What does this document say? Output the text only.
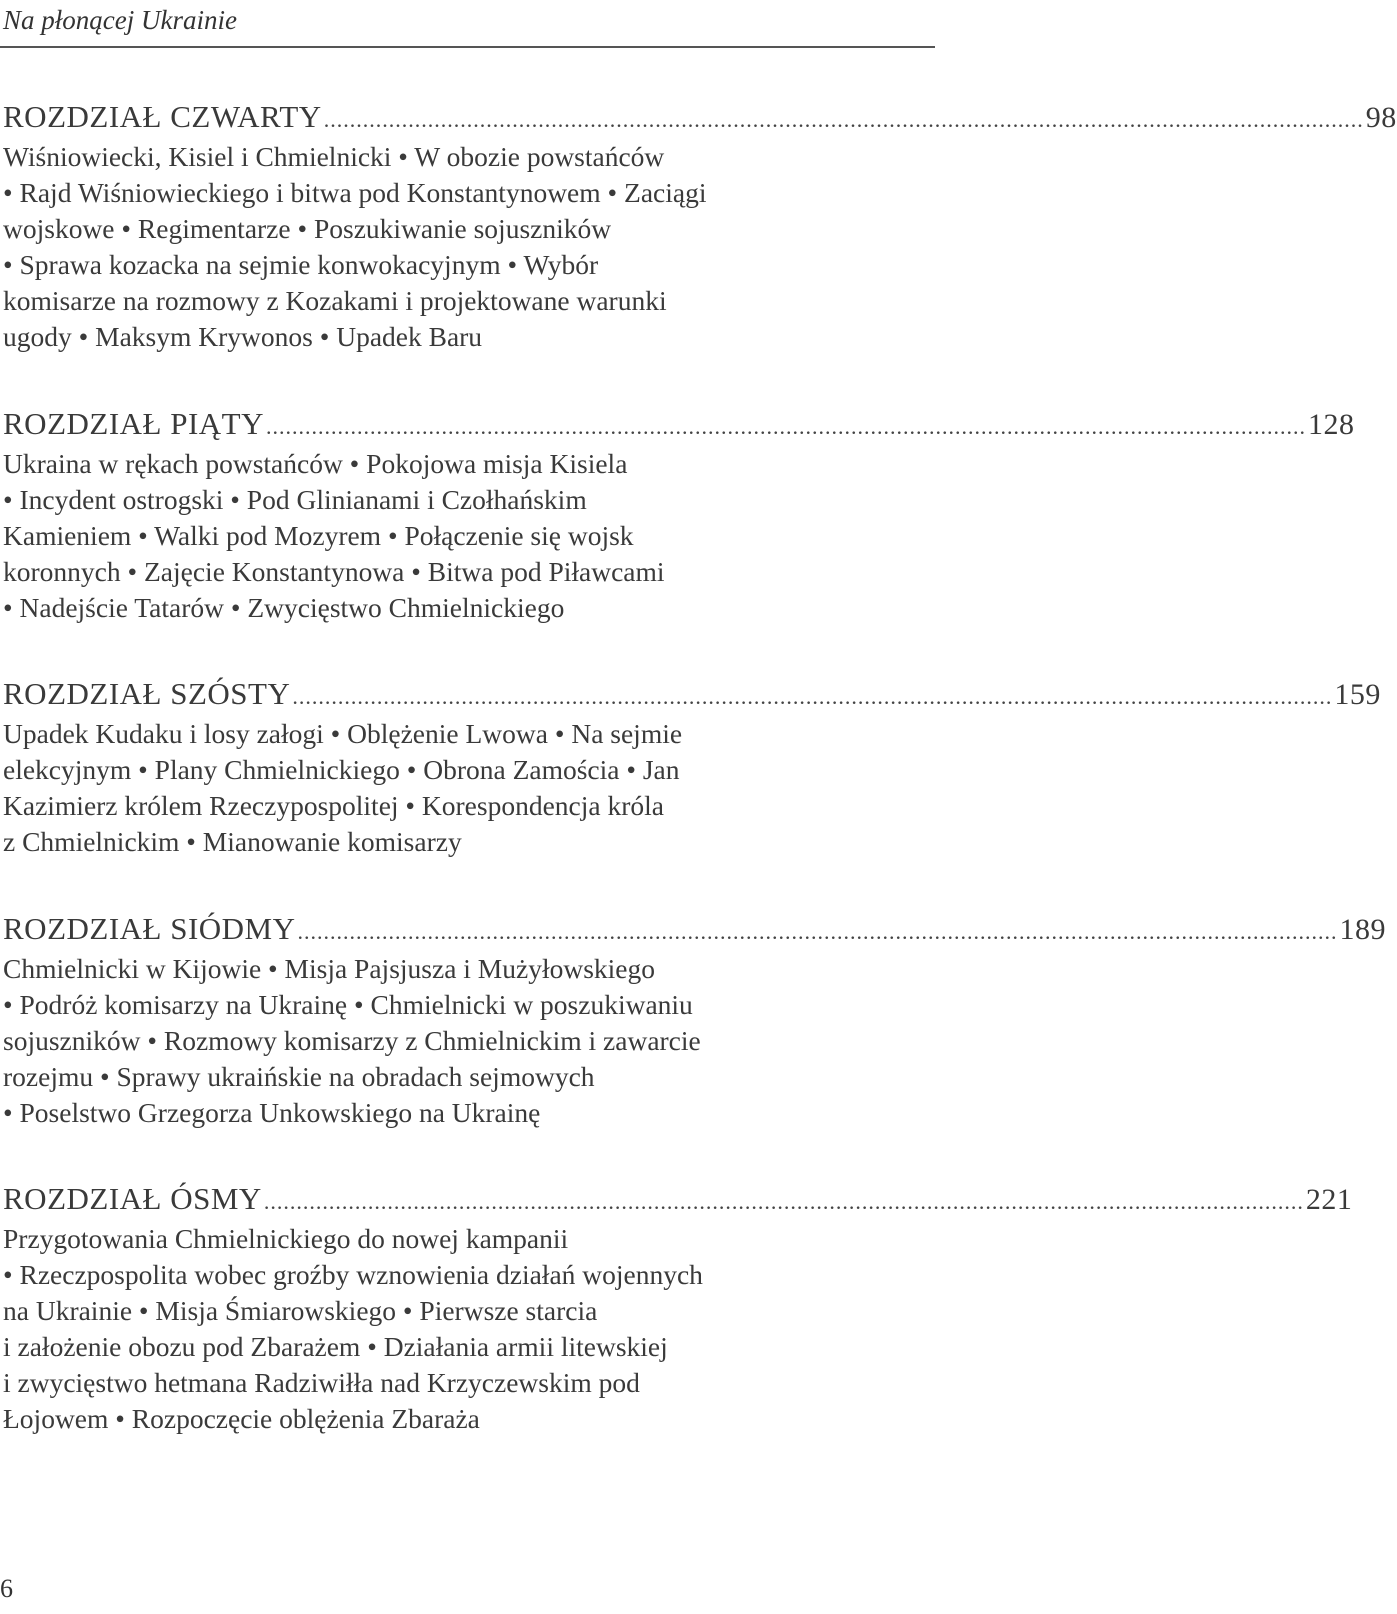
Na płonącej Ukrainie
ROZDZIAŁ CZWARTY ................................................................................................................................................................ 98
Wiśniowiecki, Kisiel i Chmielnicki • W obozie powstańców
• Rajd Wiśniowieckiego i bitwa pod Konstantynowem • Zaciągi
wojskowe • Regimentarze • Poszukiwanie sojuszników
• Sprawa kozacka na sejmie konwokacyjnym • Wybór
komisarze na rozmowy z Kozakami i projektowane warunki
ugody • Maksym Krywonos • Upadek Baru
ROZDZIAŁ PIĄTY ................................................................................................................................................................ 128
Ukraina w rękach powstańców • Pokojowa misja Kisiela
• Incydent ostrogski • Pod Glinianami i Czołhańskim
Kamieniem • Walki pod Mozyrem • Połączenie się wojsk
koronnych • Zajęcie Konstantynowa • Bitwa pod Piławcami
• Nadejście Tatarów • Zwycięstwo Chmielnickiego
ROZDZIAŁ SZÓSTY ................................................................................................................................................................ 159
Upadek Kudaku i losy załogi • Oblężenie Lwowa • Na sejmie
elekcyjnym • Plany Chmielnickiego • Obrona Zamościa • Jan
Kazimierz królem Rzeczypospolitej • Korespondencja króla
z Chmielnickim • Mianowanie komisarzy
ROZDZIAŁ SIÓDMY ................................................................................................................................................................ 189
Chmielnicki w Kijowie • Misja Pajsjusza i Mużyłowskiego
• Podróż komisarzy na Ukrainę • Chmielnicki w poszukiwaniu
sojuszników • Rozmowy komisarzy z Chmielnickim i zawarcie
rozejmu • Sprawy ukraińskie na obradach sejmowych
• Poselstwo Grzegorza Unkowskiego na Ukrainę
ROZDZIAŁ ÓSMY ................................................................................................................................................................ 221
Przygotowania Chmielnickiego do nowej kampanii
• Rzeczpospolita wobec groźby wznowienia działań wojennych
na Ukrainie • Misja Śmiarowskiego • Pierwsze starcia
i założenie obozu pod Zbarażem • Działania armii litewskiej
i zwycięstwo hetmana Radziwiłła nad Krzyczewskim pod
Łojowem • Rozpoczęcie oblężenia Zbaraża
6
